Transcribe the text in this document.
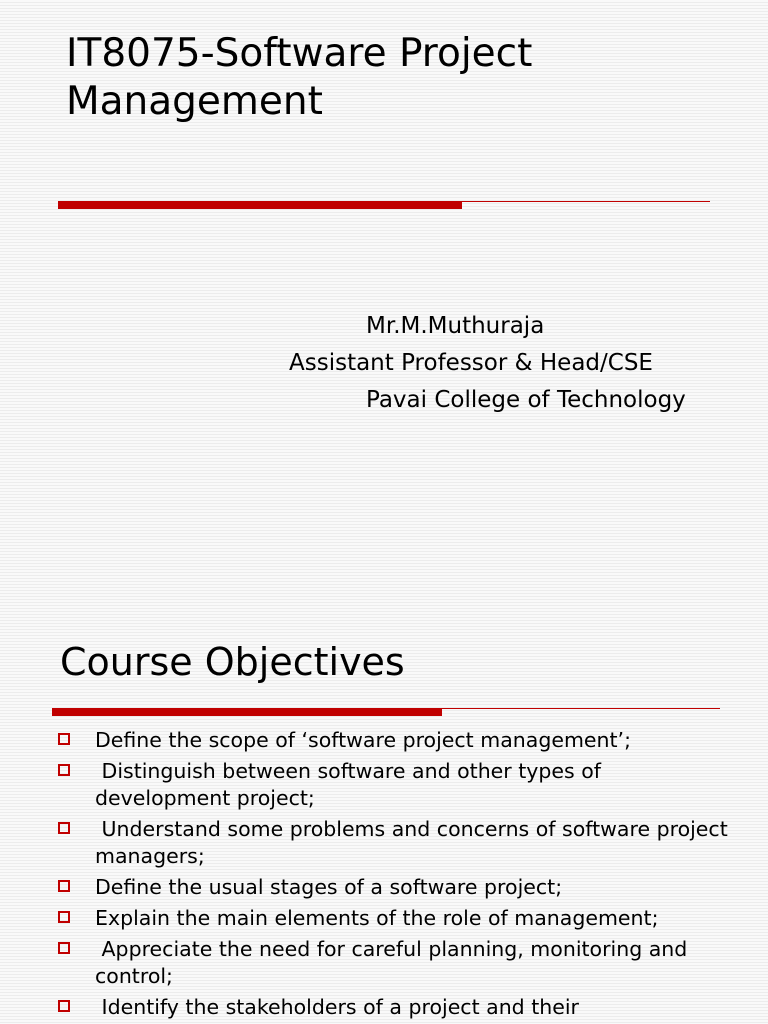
IT8075-Software Project
Management
Mr.M.Muthuraja
Assistant Professor & Head/CSE
Pavai College of Technology
Course Objectives
Define the scope of ‘software project management’;
Distinguish between software and other types of development project;
Understand some problems and concerns of software project managers;
Define the usual stages of a software project;
Explain the main elements of the role of management;
Appreciate the need for careful planning, monitoring and control;
Identify the stakeholders of a project and their
